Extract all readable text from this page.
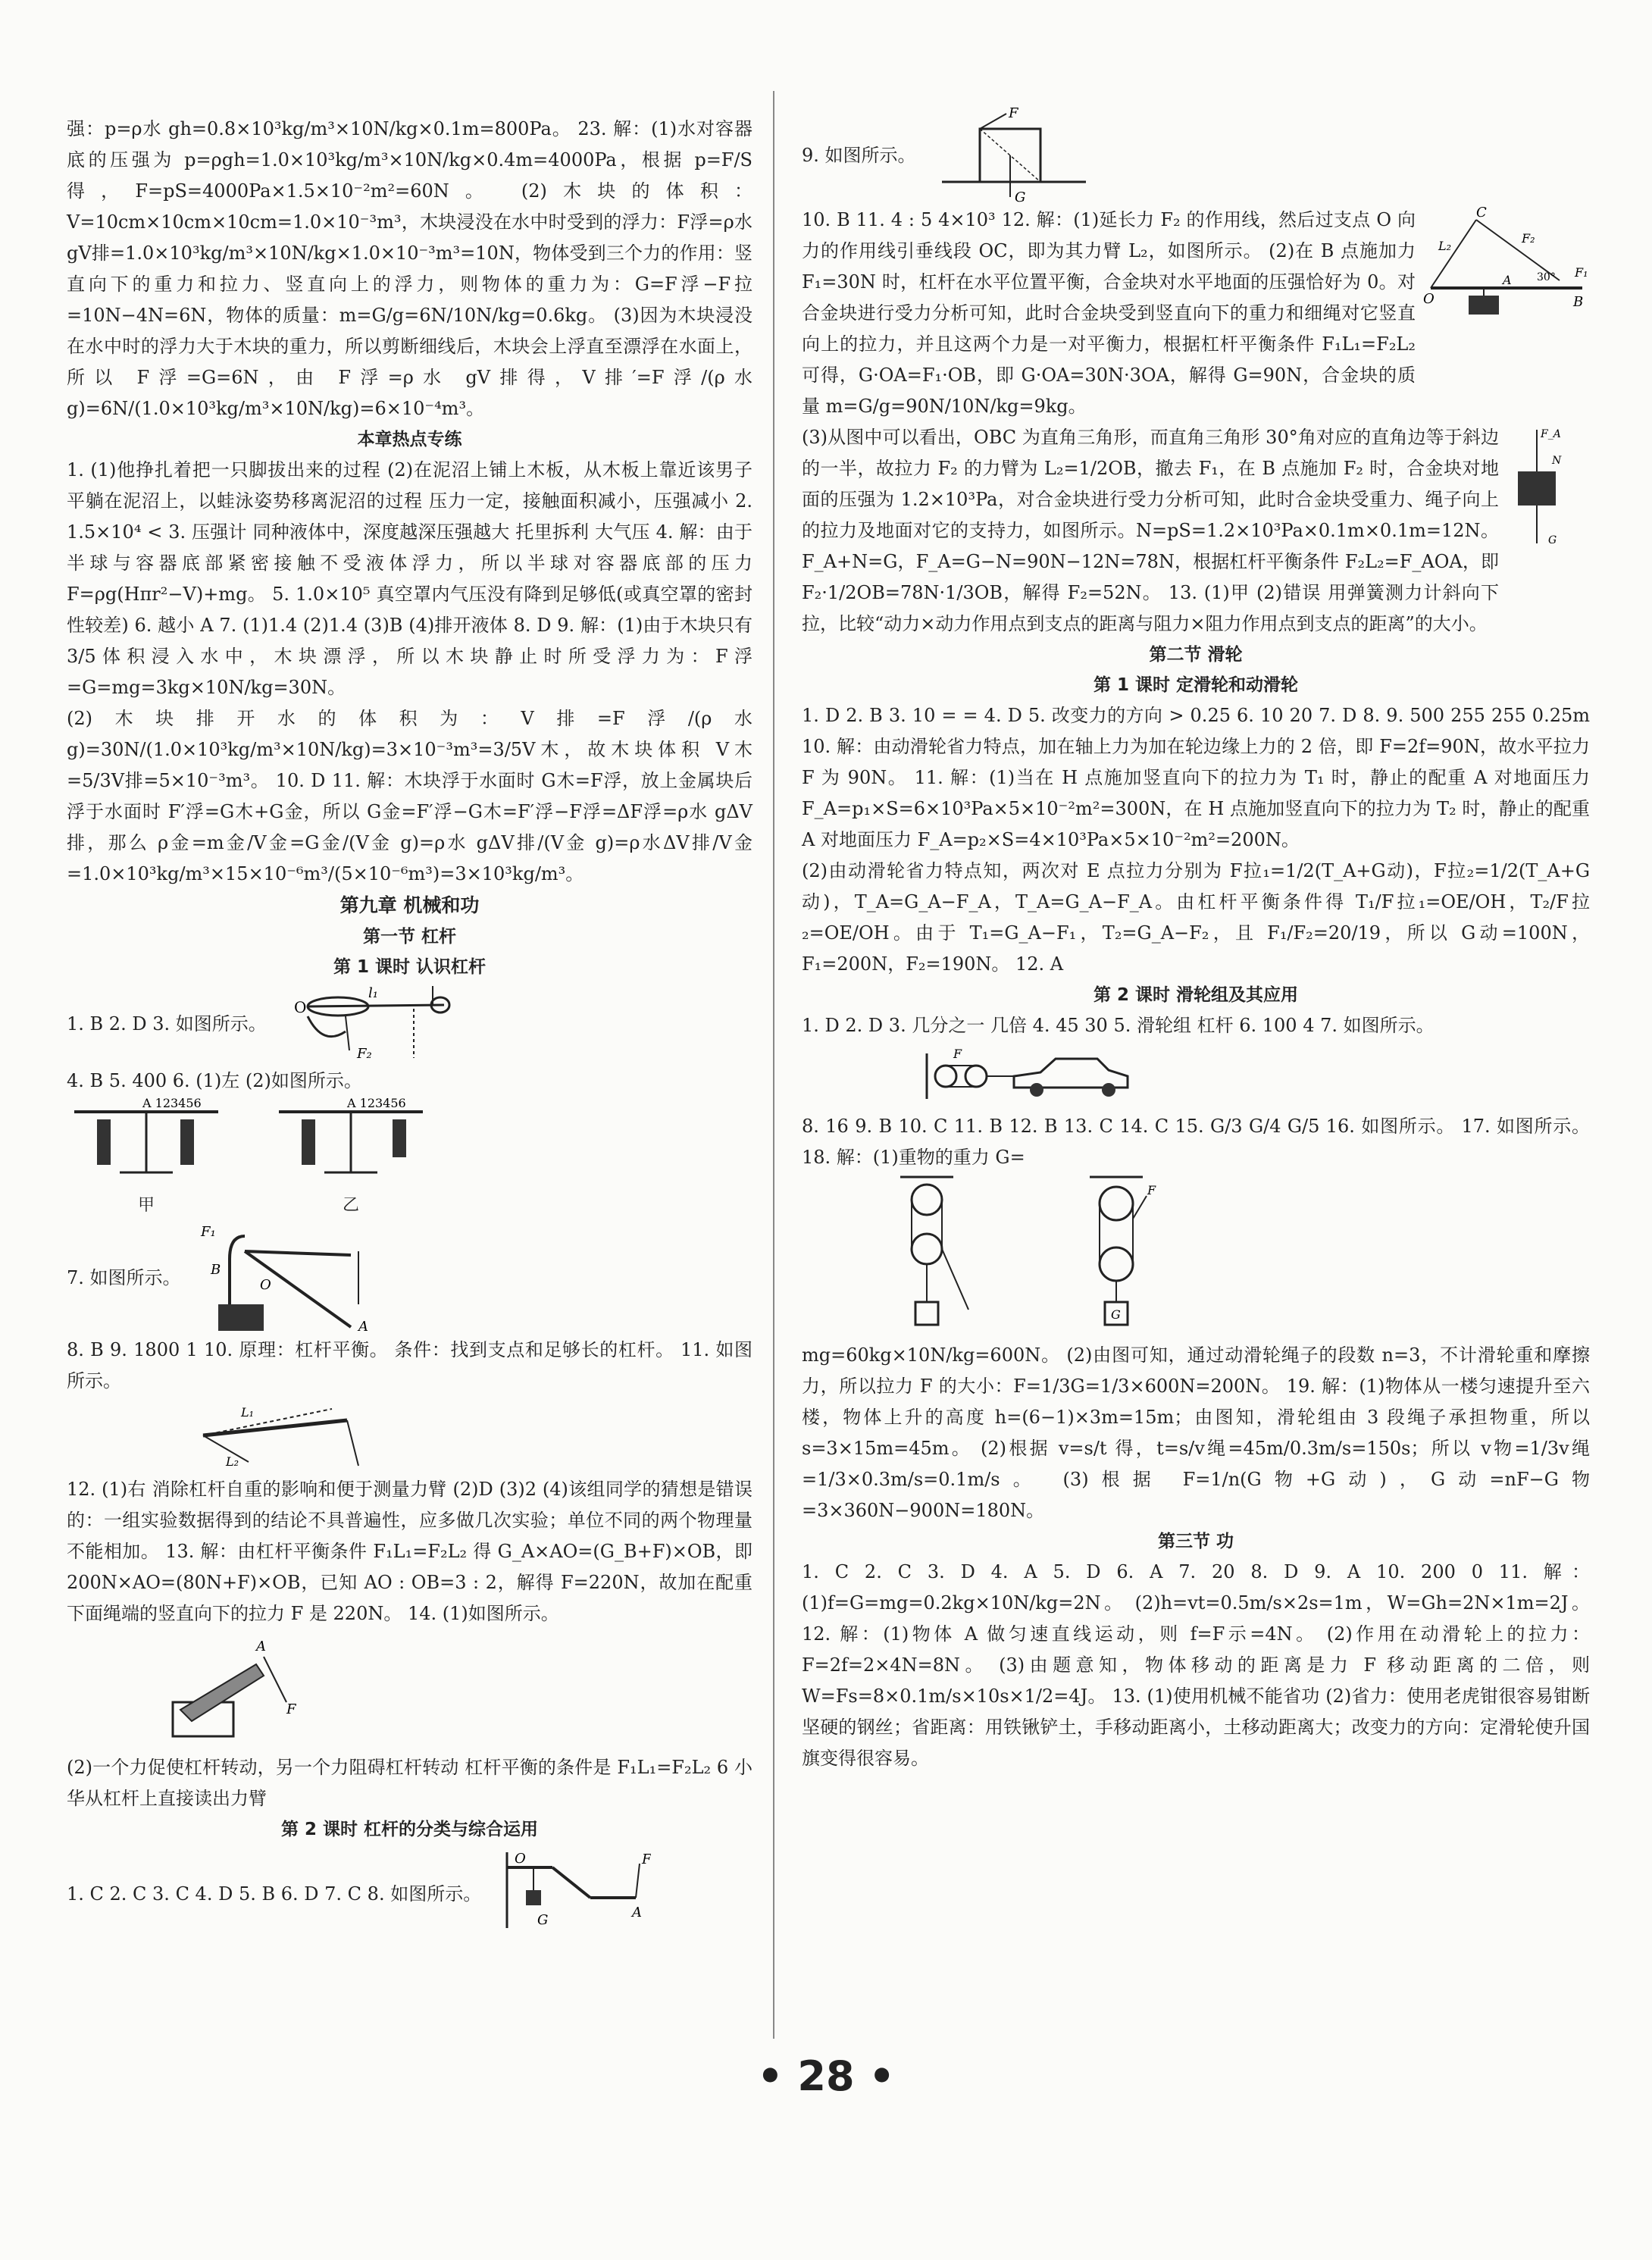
强：p=ρ水 gh=0.8×10³kg/m³×10N/kg×0.1m=800Pa。 23. 解：(1)水对容器底的压强为 p=ρgh=1.0×10³kg/m³×10N/kg×0.4m=4000Pa，根据 p=F/S 得，F=pS=4000Pa×1.5×10⁻²m²=60N。 (2)木块的体积：V=10cm×10cm×10cm=1.0×10⁻³m³，木块浸没在水中时受到的浮力：F浮=ρ水 gV排=1.0×10³kg/m³×10N/kg×1.0×10⁻³m³=10N，物体受到三个力的作用：竖直向下的重力和拉力、竖直向上的浮力，则物体的重力为：G=F浮−F拉=10N−4N=6N，物体的质量：m=G/g=6N/10N/kg=0.6kg。 (3)因为木块浸没在水中时的浮力大于木块的重力，所以剪断细线后，木块会上浮直至漂浮在水面上，所以 F浮=G=6N，由 F浮=ρ水 gV排得，V排′=F浮/(ρ水 g)=6N/(1.0×10³kg/m³×10N/kg)=6×10⁻⁴m³。

本章热点专练

1. (1)他挣扎着把一只脚拔出来的过程 (2)在泥沼上铺上木板，从木板上靠近该男子 平躺在泥沼上，以蛙泳姿势移离泥沼的过程 压力一定，接触面积减小，压强减小 2. 1.5×10⁴ < 3. 压强计 同种液体中，深度越深压强越大 托里拆利 大气压 4. 解：由于半球与容器底部紧密接触不受液体浮力，所以半球对容器底部的压力 F=ρg(Hπr²−V)+mg。 5. 1.0×10⁵ 真空罩内气压没有降到足够低(或真空罩的密封性较差) 6. 越小 A 7. (1)1.4 (2)1.4 (3)B (4)排开液体 8. D 9. 解：(1)由于木块只有3/5体积浸入水中，木块漂浮，所以木块静止时所受浮力为：F浮=G=mg=3kg×10N/kg=30N。

(2)木块排开水的体积为：V排=F浮/(ρ水 g)=30N/(1.0×10³kg/m³×10N/kg)=3×10⁻³m³=3/5V木，故木块体积 V木=5/3V排=5×10⁻³m³。 10. D 11. 解：木块浮于水面时 G木=F浮，放上金属块后浮于水面时 F′浮=G木+G金，所以 G金=F′浮−G木=F′浮−F浮=ΔF浮=ρ水 gΔV排，那么 ρ金=m金/V金=G金/(V金 g)=ρ水 gΔV排/(V金 g)=ρ水ΔV排/V金=1.0×10³kg/m³×15×10⁻⁶m³/(5×10⁻⁶m³)=3×10³kg/m³。

第九章 机械和功
第一节 杠杆
第 1 课时 认识杠杆

1. B 2. D 3. 如图所示。

O
l₁
F₂

4. B 5. 400 6. (1)左 (2)如图所示。

A 123456
甲
A 123456
乙

7. 如图所示。

F₁
B
O
A

8. B 9. 1800 1 10. 原理：杠杆平衡。 条件：找到支点和足够长的杠杆。 11. 如图所示。

L₁
L₂

12. (1)右 消除杠杆自重的影响和便于测量力臂 (2)D (3)2 (4)该组同学的猜想是错误的：一组实验数据得到的结论不具普遍性，应多做几次实验；单位不同的两个物理量不能相加。 13. 解：由杠杆平衡条件 F₁L₁=F₂L₂ 得 G_A×AO=(G_B+F)×OB，即 200N×AO=(80N+F)×OB，已知 AO : OB=3 : 2，解得 F=220N，故加在配重下面绳端的竖直向下的拉力 F 是 220N。 14. (1)如图所示。

A
F

(2)一个力促使杠杆转动，另一个力阻碍杠杆转动 杠杆平衡的条件是 F₁L₁=F₂L₂ 6 小华从杠杆上直接读出力臂

第 2 课时 杠杆的分类与综合运用

1. C 2. C 3. C 4. D 5. B 6. D 7. C 8. 如图所示。

O
G
F
A

9. 如图所示。

F
G
C
L₂
F₂
30° F₁
O
A
B

10. B 11. 4 : 5 4×10³ 12. 解：(1)延长力 F₂ 的作用线，然后过支点 O 向力的作用线引垂线段 OC，即为其力臂 L₂，如图所示。 (2)在 B 点施加力 F₁=30N 时，杠杆在水平位置平衡，合金块对水平地面的压强恰好为 0。对合金块进行受力分析可知，此时合金块受到竖直向下的重力和细绳对它竖直向上的拉力，并且这两个力是一对平衡力，根据杠杆平衡条件 F₁L₁=F₂L₂ 可得，G·OA=F₁·OB，即 G·OA=30N·3OA，解得 G=90N，合金块的质量 m=G/g=90N/10N/kg=9kg。

F_A
N
G

(3)从图中可以看出，OBC 为直角三角形，而直角三角形 30°角对应的直角边等于斜边的一半，故拉力 F₂ 的力臂为 L₂=1/2OB，撤去 F₁，在 B 点施加 F₂ 时，合金块对地面的压强为 1.2×10³Pa，对合金块进行受力分析可知，此时合金块受重力、绳子向上的拉力及地面对它的支持力，如图所示。N=pS=1.2×10³Pa×0.1m×0.1m=12N。F_A+N=G，F_A=G−N=90N−12N=78N，根据杠杆平衡条件 F₂L₂=F_AOA，即 F₂·1/2OB=78N·1/3OB，解得 F₂=52N。 13. (1)甲 (2)错误 用弹簧测力计斜向下拉，比较“动力×动力作用点到支点的距离与阻力×阻力作用点到支点的距离”的大小。

第二节 滑轮
第 1 课时 定滑轮和动滑轮

1. D 2. B 3. 10 = = 4. D 5. 改变力的方向 > 0.25 6. 10 20 7. D 8. 9. 500 255 255 0.25m 10. 解：由动滑轮省力特点，加在轴上力为加在轮边缘上力的 2 倍，即 F=2f=90N，故水平拉力 F 为 90N。 11. 解：(1)当在 H 点施加竖直向下的拉力为 T₁ 时，静止的配重 A 对地面压力 F_A=p₁×S=6×10³Pa×5×10⁻²m²=300N，在 H 点施加竖直向下的拉力为 T₂ 时，静止的配重 A 对地面压力 F_A=p₂×S=4×10³Pa×5×10⁻²m²=200N。

(2)由动滑轮省力特点知，两次对 E 点拉力分别为 F拉₁=1/2(T_A+G动)，F拉₂=1/2(T_A+G动)，T_A=G_A−F_A，T_A=G_A−F_A。由杠杆平衡条件得 T₁/F拉₁=OE/OH，T₂/F拉₂=OE/OH。由于 T₁=G_A−F₁，T₂=G_A−F₂，且 F₁/F₂=20/19，所以 G动=100N，F₁=200N，F₂=190N。 12. A

第 2 课时 滑轮组及其应用

1. D 2. D 3. 几分之一 几倍 4. 45 30 5. 滑轮组 杠杆 6. 100 4 7. 如图所示。

F

8. 16 9. B 10. C 11. B 12. B 13. C 14. C 15. G/3 G/4 G/5 16. 如图所示。 17. 如图所示。 18. 解：(1)重物的重力 G=

F
G

mg=60kg×10N/kg=600N。 (2)由图可知，通过动滑轮绳子的段数 n=3，不计滑轮重和摩擦力，所以拉力 F 的大小：F=1/3G=1/3×600N=200N。 19. 解：(1)物体从一楼匀速提升至六楼，物体上升的高度 h=(6−1)×3m=15m；由图知，滑轮组由 3 段绳子承担物重，所以 s=3×15m=45m。 (2)根据 v=s/t 得，t=s/v绳=45m/0.3m/s=150s；所以 v物=1/3v绳=1/3×0.3m/s=0.1m/s。 (3)根据 F=1/n(G物+G动)，G动=nF−G物=3×360N−900N=180N。

第三节 功

1. C 2. C 3. D 4. A 5. D 6. A 7. 20 8. D 9. A 10. 200 0 11. 解：(1)f=G=mg=0.2kg×10N/kg=2N。 (2)h=vt=0.5m/s×2s=1m，W=Gh=2N×1m=2J。 12. 解：(1)物体 A 做匀速直线运动，则 f=F示=4N。 (2)作用在动滑轮上的拉力：F=2f=2×4N=8N。 (3)由题意知，物体移动的距离是力 F 移动距离的二倍，则 W=Fs=8×0.1m/s×10s×1/2=4J。 13. (1)使用机械不能省功 (2)省力：使用老虎钳很容易钳断坚硬的钢丝；省距离：用铁锹铲土，手移动距离小，土移动距离大；改变力的方向：定滑轮使升国旗变得很容易。

• 28 •
